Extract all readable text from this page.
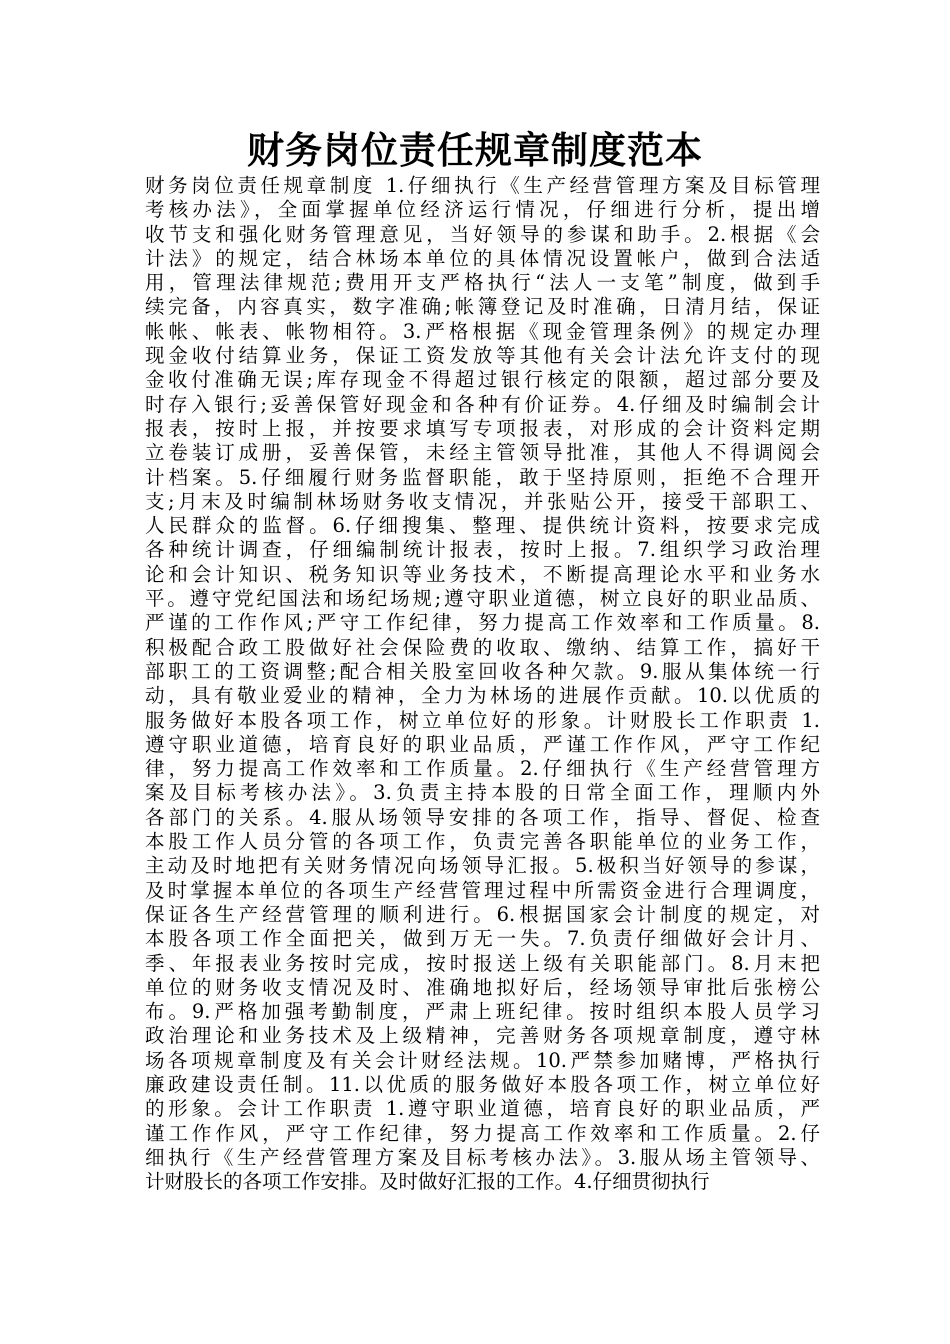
财务岗位责任规章制度范本
财务岗位责任规章制度 1.仔细执行《生产经营管理方案及目标管理
考核办法》，全面掌握单位经济运行情况，仔细进行分析，提出增
收节支和强化财务管理意见，当好领导的参谋和助手。2.根据《会
计法》的规定，结合林场本单位的具体情况设置帐户，做到合法适
用，管理法律规范;费用开支严格执行“法人一支笔”制度，做到手
续完备，内容真实，数字准确;帐簿登记及时准确，日清月结，保证
帐帐、帐表、帐物相符。3.严格根据《现金管理条例》的规定办理
现金收付结算业务，保证工资发放等其他有关会计法允许支付的现
金收付准确无误;库存现金不得超过银行核定的限额，超过部分要及
时存入银行;妥善保管好现金和各种有价证券。4.仔细及时编制会计
报表，按时上报，并按要求填写专项报表，对形成的会计资料定期
立卷装订成册，妥善保管，未经主管领导批准，其他人不得调阅会
计档案。5.仔细履行财务监督职能，敢于坚持原则，拒绝不合理开
支;月末及时编制林场财务收支情况，并张贴公开，接受干部职工、
人民群众的监督。6.仔细搜集、整理、提供统计资料，按要求完成
各种统计调查，仔细编制统计报表，按时上报。7.组织学习政治理
论和会计知识、税务知识等业务技术，不断提高理论水平和业务水
平。遵守党纪国法和场纪场规;遵守职业道德，树立良好的职业品质、
严谨的工作作风;严守工作纪律，努力提高工作效率和工作质量。8.
积极配合政工股做好社会保险费的收取、缴纳、结算工作，搞好干
部职工的工资调整;配合相关股室回收各种欠款。9.服从集体统一行
动，具有敬业爱业的精神，全力为林场的进展作贡献。10.以优质的
服务做好本股各项工作，树立单位好的形象。计财股长工作职责 1.
遵守职业道德，培育良好的职业品质，严谨工作作风，严守工作纪
律，努力提高工作效率和工作质量。2.仔细执行《生产经营管理方
案及目标考核办法》。3.负责主持本股的日常全面工作，理顺内外
各部门的关系。4.服从场领导安排的各项工作，指导、督促、检查
本股工作人员分管的各项工作，负责完善各职能单位的业务工作，
主动及时地把有关财务情况向场领导汇报。5.极积当好领导的参谋，
及时掌握本单位的各项生产经营管理过程中所需资金进行合理调度，
保证各生产经营管理的顺利进行。6.根据国家会计制度的规定，对
本股各项工作全面把关，做到万无一失。7.负责仔细做好会计月、
季、年报表业务按时完成，按时报送上级有关职能部门。8.月末把
单位的财务收支情况及时、准确地拟好后，经场领导审批后张榜公
布。9.严格加强考勤制度，严肃上班纪律。按时组织本股人员学习
政治理论和业务技术及上级精神，完善财务各项规章制度，遵守林
场各项规章制度及有关会计财经法规。10.严禁参加赌博，严格执行
廉政建设责任制。11.以优质的服务做好本股各项工作，树立单位好
的形象。会计工作职责 1.遵守职业道德，培育良好的职业品质，严
谨工作作风，严守工作纪律，努力提高工作效率和工作质量。2.仔
细执行《生产经营管理方案及目标考核办法》。3.服从场主管领导、
计财股长的各项工作安排。及时做好汇报的工作。4.仔细贯彻执行
